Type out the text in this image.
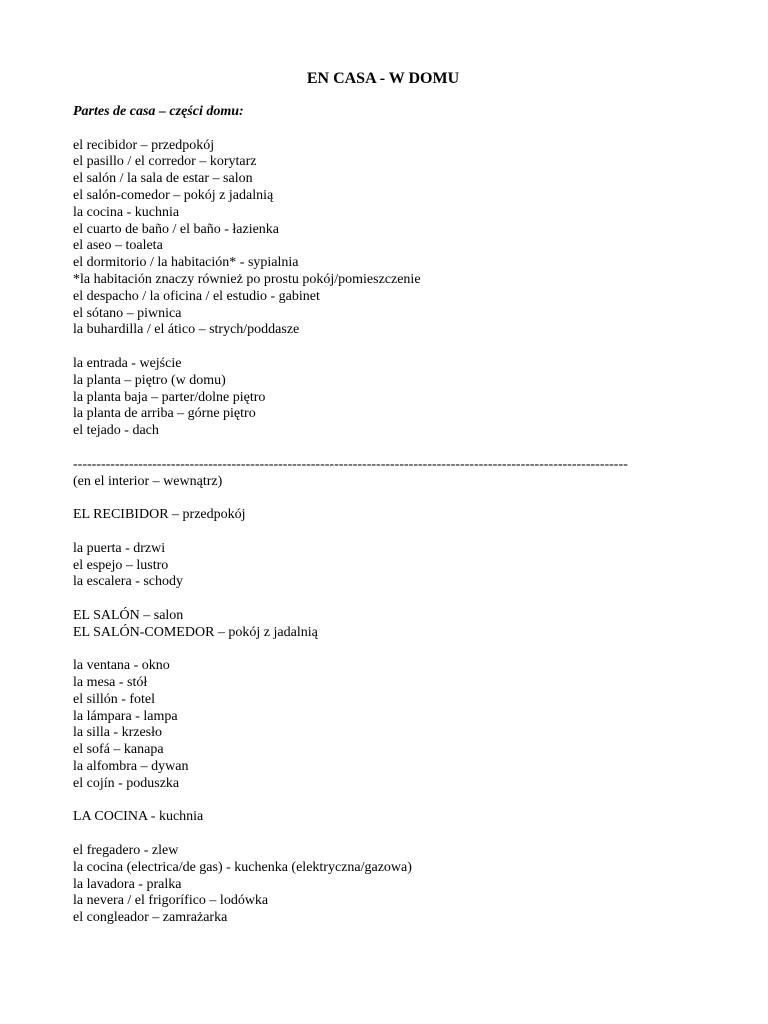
EN CASA - W DOMU
Partes de casa – części domu:
el recibidor – przedpokój
el pasillo / el corredor – korytarz
el salón / la sala de estar – salon
el salón-comedor – pokój z jadalnią
la cocina - kuchnia
el cuarto de baño / el baño - łazienka
el aseo – toaleta
el dormitorio / la habitación* - sypialnia
*la habitación znaczy również po prostu pokój/pomieszczenie
el despacho / la oficina / el estudio - gabinet
el sótano – piwnica
la buhardilla / el ático – strych/poddasze
la entrada - wejście
la planta – piętro (w domu)
la planta baja – parter/dolne piętro
la planta de arriba – górne piętro
el tejado - dach
-----------------------------------------------------------------------------------------------------------------------
(en el interior – wewnątrz)
EL RECIBIDOR – przedpokój
la puerta - drzwi
el espejo – lustro
la escalera - schody
EL SALÓN – salon
EL SALÓN-COMEDOR – pokój z jadalnią
la ventana - okno
la mesa - stół
el sillón - fotel
la lámpara - lampa
la silla - krzesło
el sofá – kanapa
la alfombra – dywan
el cojín - poduszka
LA COCINA - kuchnia
el fregadero - zlew
la cocina (electrica/de gas) - kuchenka (elektryczna/gazowa)
la lavadora - pralka
la nevera / el frigorífico – lodówka
el congleador – zamrażarka
